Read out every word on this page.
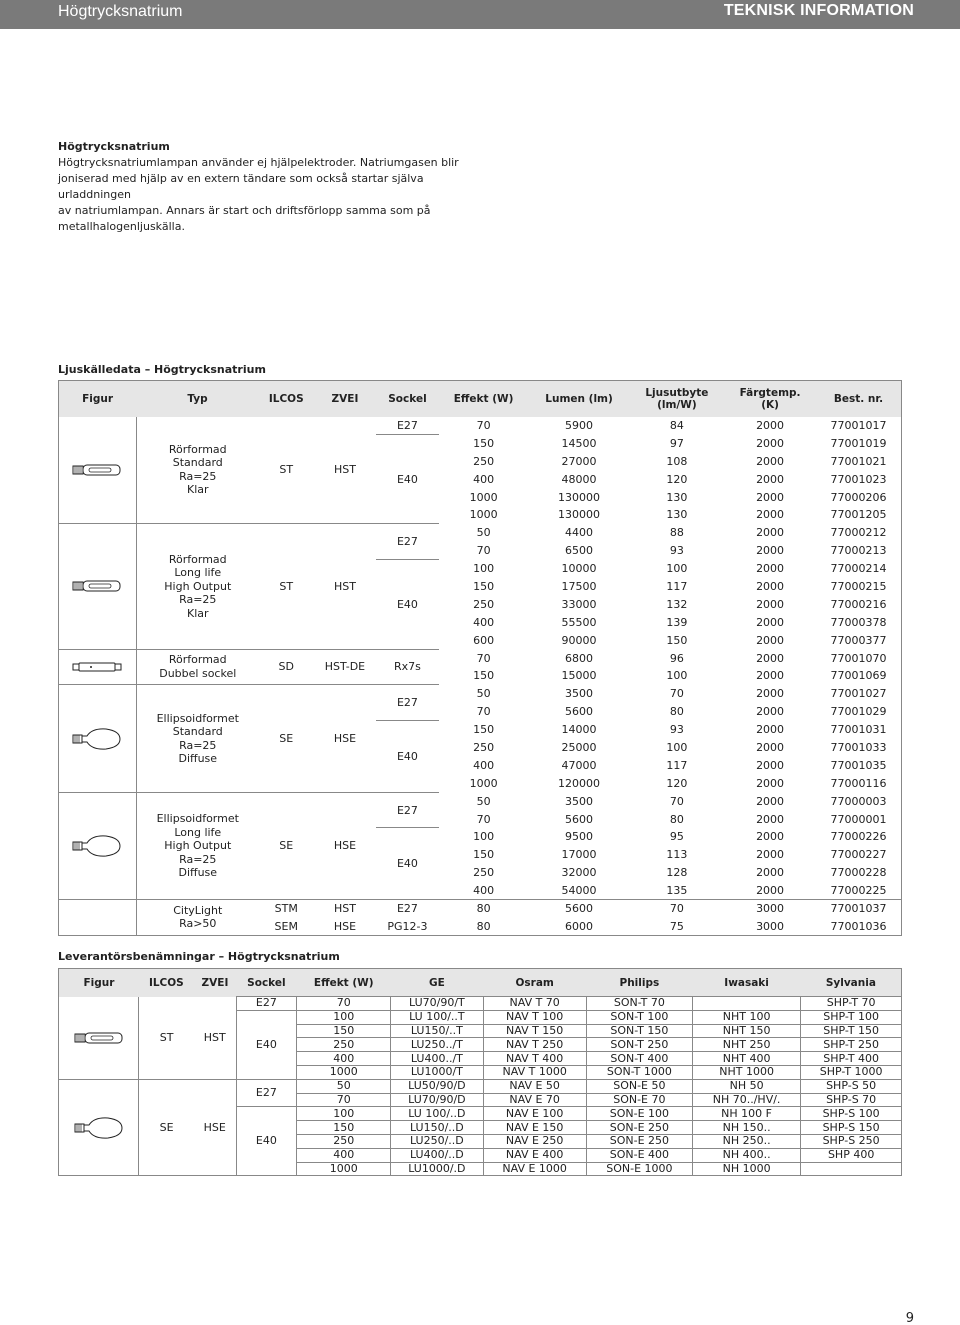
Högtrycksnatrium	TEKNISK INFORMATION
Högtrycksnatrium
Högtrycksnatriumlampan använder ej hjälpelektroder. Natriumgasen blir
joniserad med hjälp av en extern tändare som också startar själva urladdningen
av natriumlampan. Annars är start och driftsförlopp samma som på
metallhalogenljuskälla.
Ljuskälledata – Högtrycksnatrium
Figur	Typ	ILCOS	ZVEI	Sockel	Effekt (W)	Lumen (lm)	Ljusutbyte
(lm/W)	Färgtemp.
(K)	Best. nr.

Rörformad
Standard
Ra=25
Klar	ST	HST	E27	70	5900	84	2000	77001017
				E40	150	14500	97	2000	77001019
					250	27000	108	2000	77001021
					400	48000	120	2000	77001023
					1000	130000	130	2000	77000206
					1000	130000	130	2000	77001205

Rörformad
Long life
High Output
Ra=25
Klar	ST	HST	E27	50	4400	88	2000	77000212
					70	6500	93	2000	77000213
				E40	100	10000	100	2000	77000214
					150	17500	117	2000	77000215
					250	33000	132	2000	77000216
					400	55500	139	2000	77000378
					600	90000	150	2000	77000377

Rörformad
Dubbel sockel	SD	HST-DE	Rx7s	70	6800	96	2000	77001070
					150	15000	100	2000	77001069

Ellipsoidformet
Standard
Ra=25
Diffuse	SE	HSE	E27	50	3500	70	2000	77001027
					70	5600	80	2000	77001029
				E40	150	14000	93	2000	77001031
					250	25000	100	2000	77001033
					400	47000	117	2000	77001035
					1000	120000	120	2000	77000116

Ellipsoidformet
Long life
High Output
Ra=25
Diffuse	SE	HSE	E27	50	3500	70	2000	77000003
					70	5600	80	2000	77000001
				E40	100	9500	95	2000	77000226
					150	17000	113	2000	77000227
					250	32000	128	2000	77000228
					400	54000	135	2000	77000225

	CityLight
Ra>50	STM	HST	E27	80	5600	70	3000	77001037
		SEM	HSE	PG12-3	80	6000	75	3000	77001036
Leverantörsbenämningar – Högtrycksnatrium
Figur	ILCOS	ZVEI	Sockel	Effekt (W)	GE	Osram	Philips	Iwasaki	Sylvania
	ST	HST	E27	70	LU70/90/T	NAV T 70	SON-T 70		SHP-T 70
			E40	100	LU 100/..T	NAV T 100	SON-T 100	NHT 100	SHP-T 100
				150	LU150/..T	NAV T 150	SON-T 150	NHT 150	SHP-T 150
				250	LU250../T	NAV T 250	SON-T 250	NHT 250	SHP-T 250
				400	LU400../T	NAV T 400	SON-T 400	NHT 400	SHP-T 400
				1000	LU1000/T	NAV T 1000	SON-T 1000	NHT 1000	SHP-T 1000
	SE	HSE	E27	50	LU50/90/D	NAV E 50	SON-E 50	NH 50	SHP-S 50
				70	LU70/90/D	NAV E 70	SON-E 70	NH 70../HV/.	SHP-S 70
			E40	100	LU 100/..D	NAV E 100	SON-E 100	NH 100 F	SHP-S 100
				150	LU150/..D	NAV E 150	SON-E 250	NH 150..	SHP-S 150
				250	LU250/..D	NAV E 250	SON-E 250	NH 250..	SHP-S 250
				400	LU400/..D	NAV E 400	SON-E 400	NH 400..	SHP 400
				1000	LU1000/.D	NAV E 1000	SON-E 1000	NH 1000	
9
